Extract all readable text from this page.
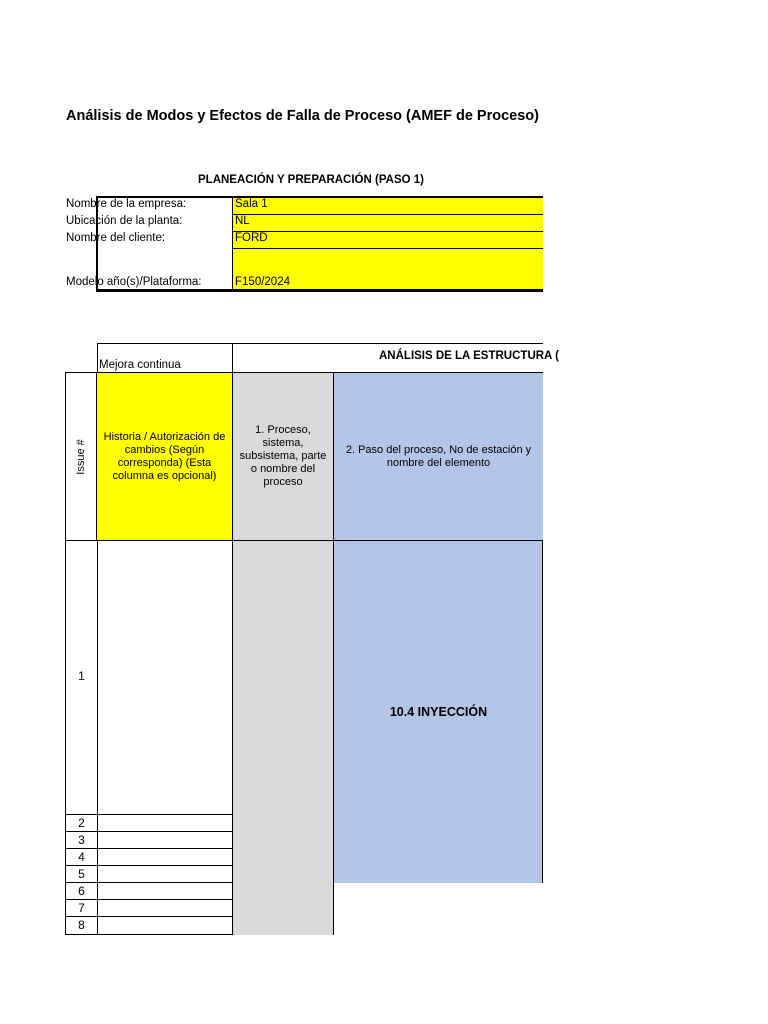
Análisis de Modos y Efectos de Falla de Proceso (AMEF de Proceso)
PLANEACIÓN Y PREPARACIÓN (PASO 1)
Nombre de la empresa:
Ubicación de la planta:
Nombre del cliente:
Modelo año(s)/Plataforma:
Sala 1
NL
FORD
F150/2024
Mejora continua
ANÁLISIS DE LA ESTRUCTURA (
Issue #
Historia / Autorización de cambios (Según corresponda) (Esta columna es opcional)
1. Proceso, sistema, subsistema, parte o nombre del proceso
2. Paso del proceso, No de estación y nombre del elemento
10.4 INYECCIÓN
1
2
3
4
5
6
7
8
